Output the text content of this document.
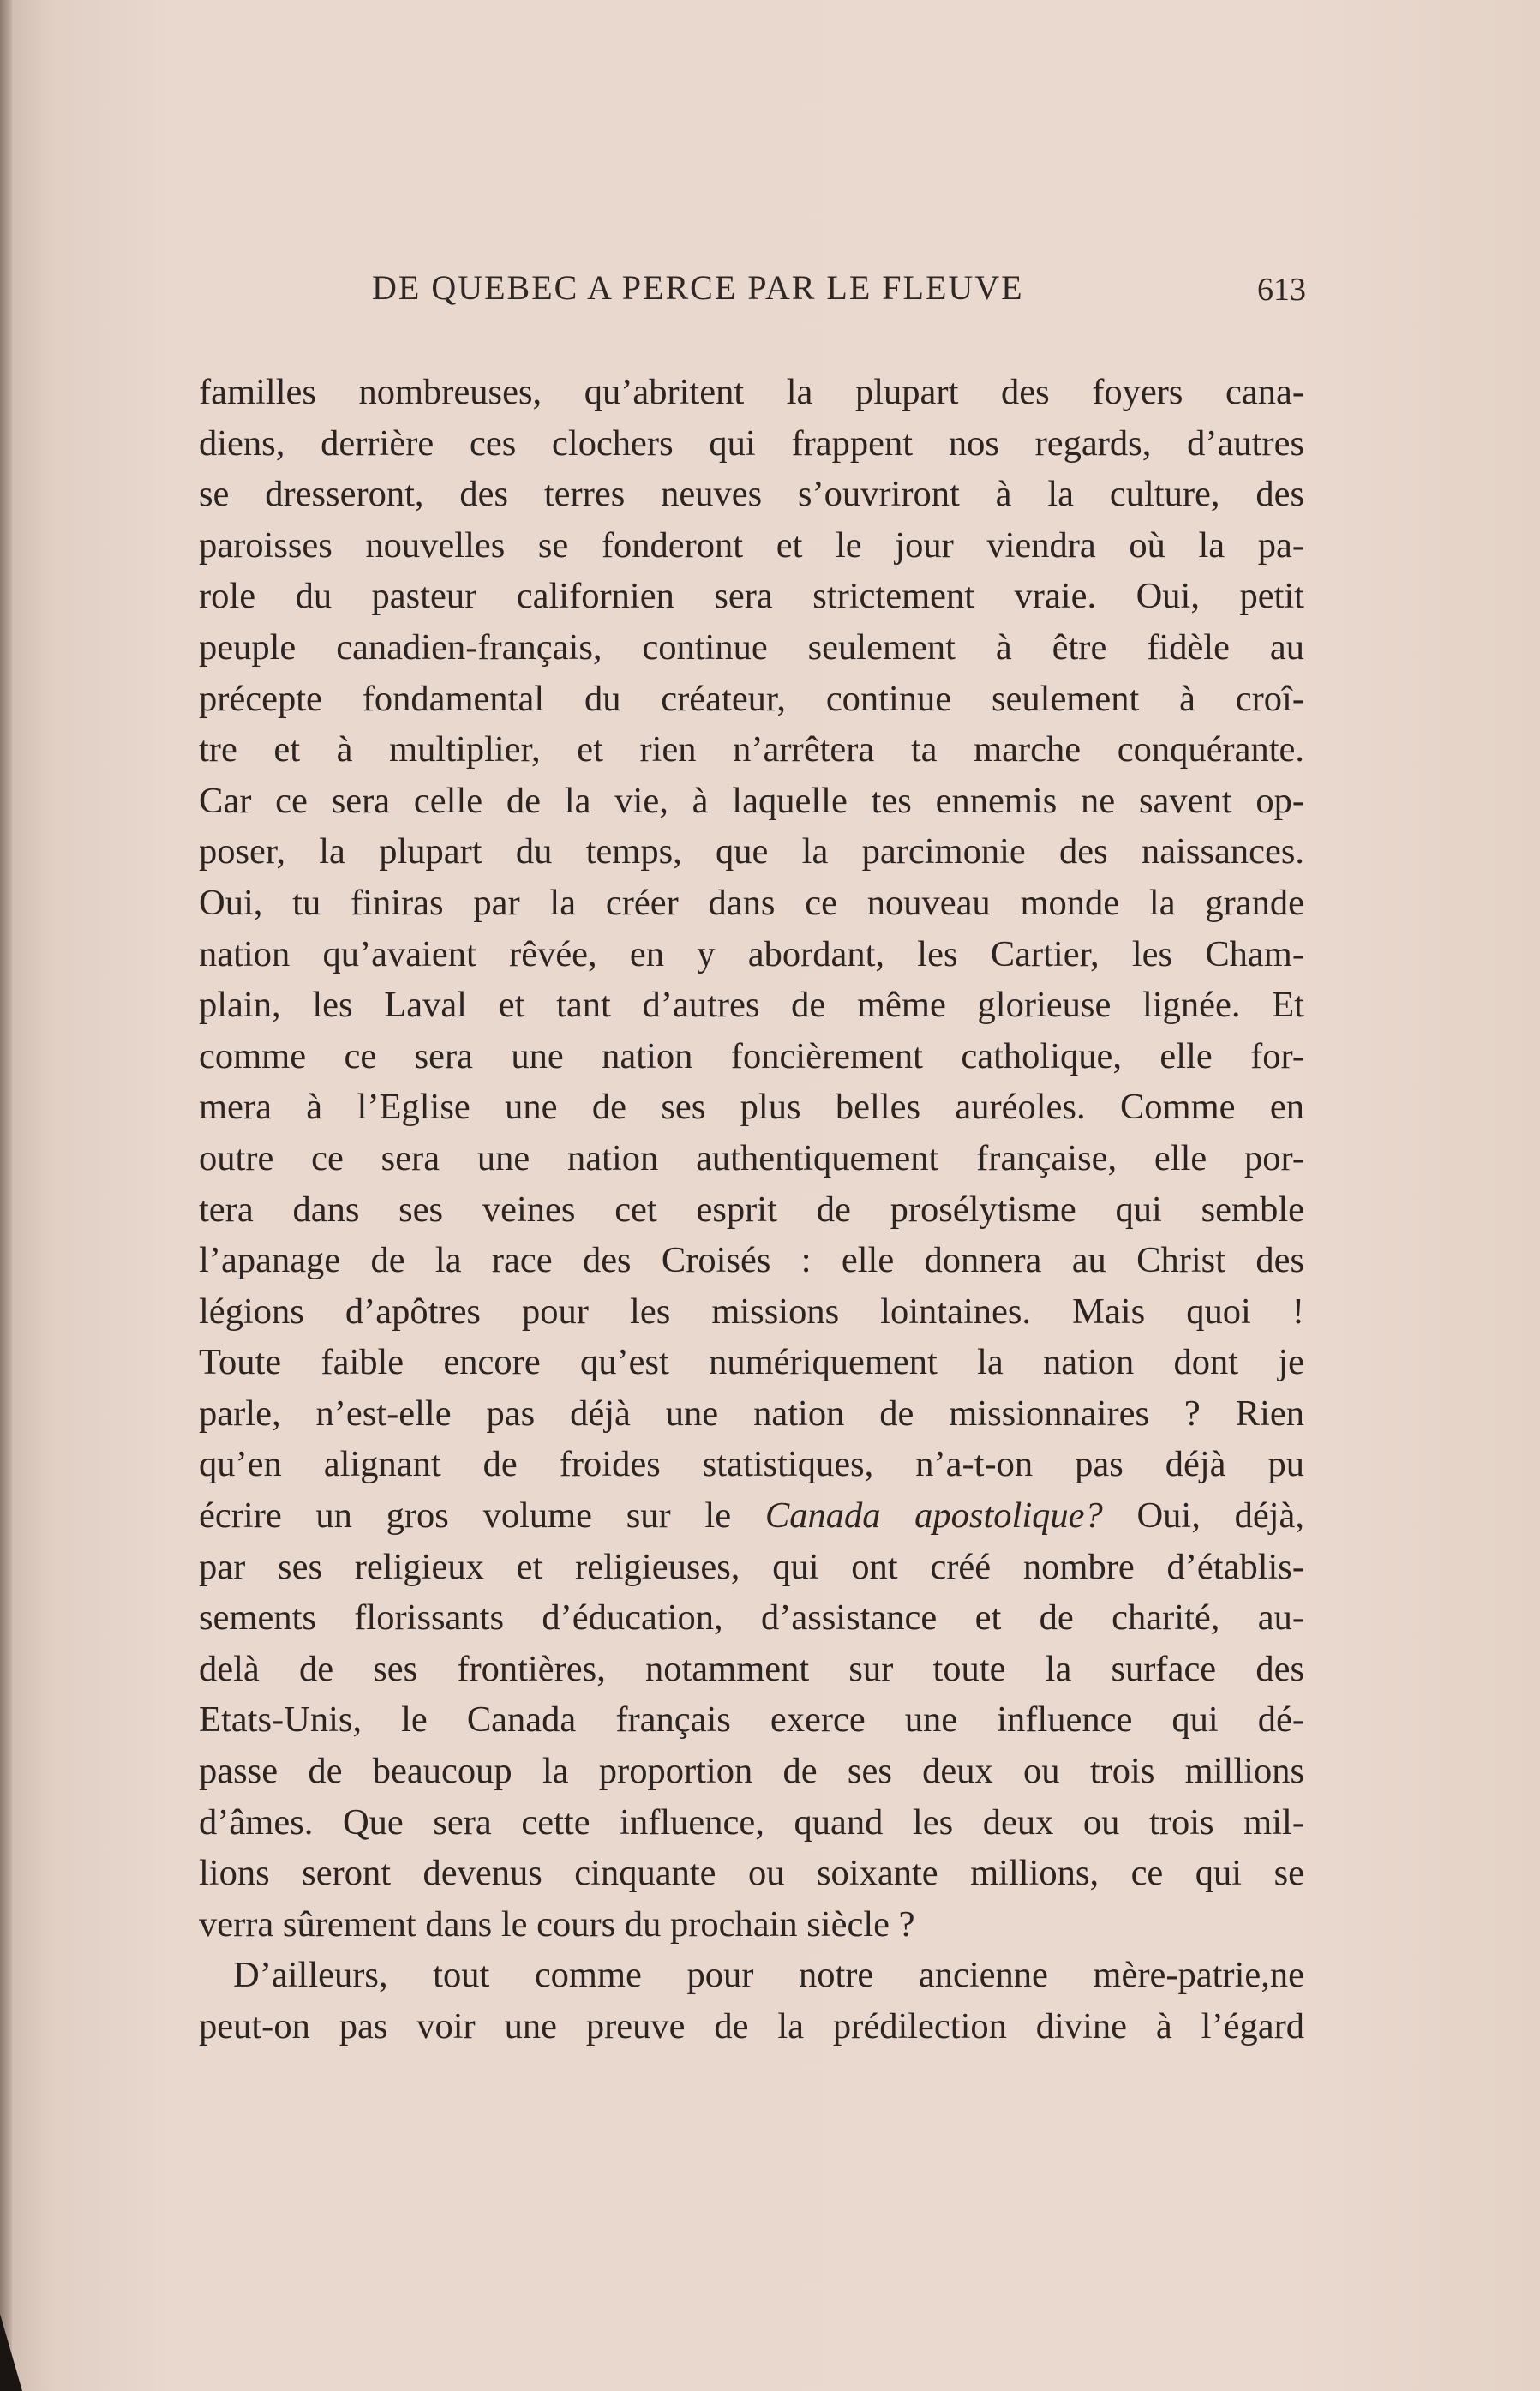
DE QUEBEC A PERCE PAR LE FLEUVE	613
familles nombreuses, qu’abritent la plupart des foyers cana-
diens, derrière ces clochers qui frappent nos regards, d’autres
se dresseront, des terres neuves s’ouvriront à la culture, des
paroisses nouvelles se fonderont et le jour viendra où la pa-
role du pasteur californien sera strictement vraie. Oui, petit
peuple canadien-français, continue seulement à être fidèle au
précepte fondamental du créateur, continue seulement à croî-
tre et à multiplier, et rien n’arrêtera ta marche conquérante.
Car ce sera celle de la vie, à laquelle tes ennemis ne savent op-
poser, la plupart du temps, que la parcimonie des naissances.
Oui, tu finiras par la créer dans ce nouveau monde la grande
nation qu’avaient rêvée, en y abordant, les Cartier, les Cham-
plain, les Laval et tant d’autres de même glorieuse lignée. Et
comme ce sera une nation foncièrement catholique, elle for-
mera à l’Eglise une de ses plus belles auréoles. Comme en
outre ce sera une nation authentiquement française, elle por-
tera dans ses veines cet esprit de prosélytisme qui semble
l’apanage de la race des Croisés : elle donnera au Christ des
légions d’apôtres pour les missions lointaines. Mais quoi !
Toute faible encore qu’est numériquement la nation dont je
parle, n’est-elle pas déjà une nation de missionnaires ? Rien
qu’en alignant de froides statistiques, n’a-t-on pas déjà pu
écrire un gros volume sur le Canada apostolique? Oui, déjà,
par ses religieux et religieuses, qui ont créé nombre d’établis-
sements florissants d’éducation, d’assistance et de charité, au-
delà de ses frontières, notamment sur toute la surface des
Etats-Unis, le Canada français exerce une influence qui dé-
passe de beaucoup la proportion de ses deux ou trois millions
d’âmes. Que sera cette influence, quand les deux ou trois mil-
lions seront devenus cinquante ou soixante millions, ce qui se
verra sûrement dans le cours du prochain siècle ?
D’ailleurs, tout comme pour notre ancienne mère-patrie,ne
peut-on pas voir une preuve de la prédilection divine à l’égard
